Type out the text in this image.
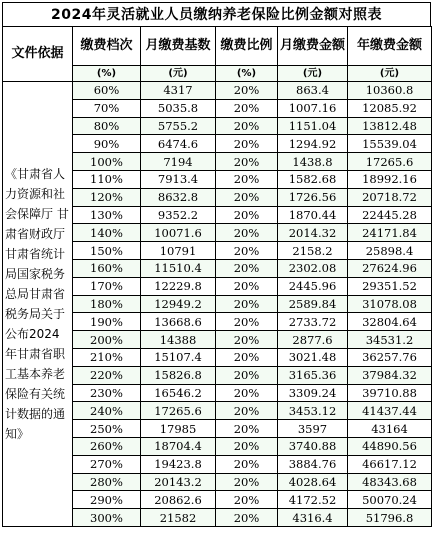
2024年灵活就业人员缴纳养老保险比例金额对照表
文件依据	缴费档次	月缴费基数	缴费比例	月缴费金额	年缴费金额
	(%)	(元)	(%)	(元)	(元)
《甘肃省人力资源和社会保障厅 甘肃省财政厅 甘肃省统计局国家税务总局甘肃省税务局关于公布2024年甘肃省职工基本养老保险有关统计数据的通知》	60%	4317	20%	863.4	10360.8
	70%	5035.8	20%	1007.16	12085.92
	80%	5755.2	20%	1151.04	13812.48
	90%	6474.6	20%	1294.92	15539.04
	100%	7194	20%	1438.8	17265.6
	110%	7913.4	20%	1582.68	18992.16
	120%	8632.8	20%	1726.56	20718.72
	130%	9352.2	20%	1870.44	22445.28
	140%	10071.6	20%	2014.32	24171.84
	150%	10791	20%	2158.2	25898.4
	160%	11510.4	20%	2302.08	27624.96
	170%	12229.8	20%	2445.96	29351.52
	180%	12949.2	20%	2589.84	31078.08
	190%	13668.6	20%	2733.72	32804.64
	200%	14388	20%	2877.6	34531.2
	210%	15107.4	20%	3021.48	36257.76
	220%	15826.8	20%	3165.36	37984.32
	230%	16546.2	20%	3309.24	39710.88
	240%	17265.6	20%	3453.12	41437.44
	250%	17985	20%	3597	43164
	260%	18704.4	20%	3740.88	44890.56
	270%	19423.8	20%	3884.76	46617.12
	280%	20143.2	20%	4028.64	48343.68
	290%	20862.6	20%	4172.52	50070.24
	300%	21582	20%	4316.4	51796.8
